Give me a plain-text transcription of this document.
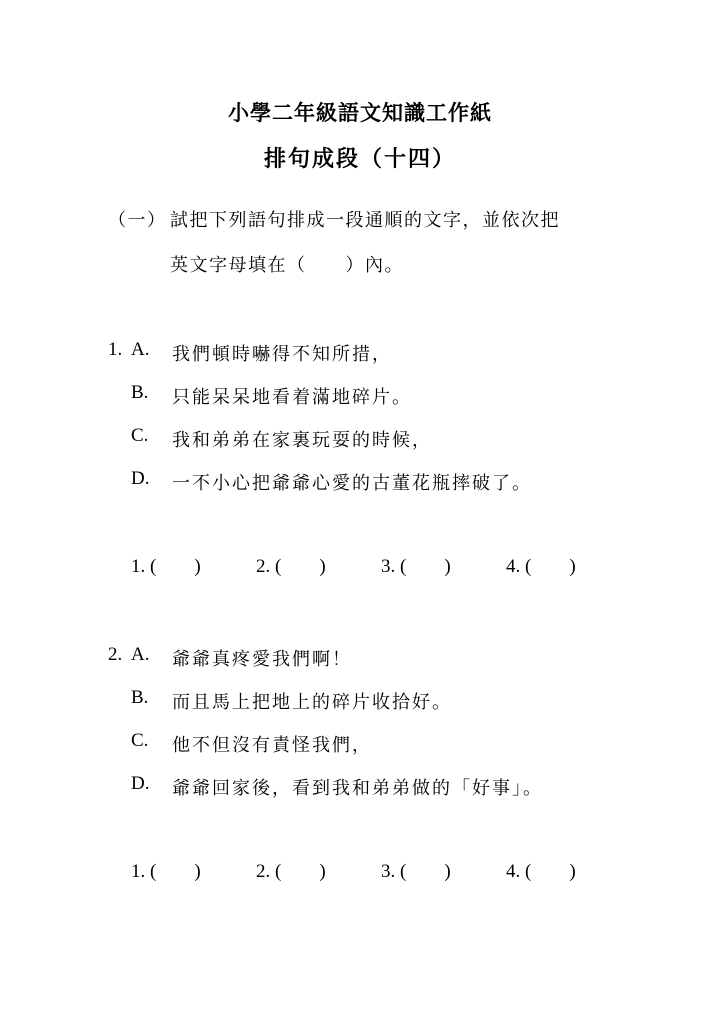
小學二年級語文知識工作紙
排句成段（十四）
（一） 試把下列語句排成一段通順的文字，並依次把
英文字母填在（　　）內。
1. A. 我們頓時嚇得不知所措，
B. 只能呆呆地看着滿地碎片。
C. 我和弟弟在家裏玩耍的時候，
D. 一不小心把爺爺心愛的古董花瓶摔破了。
1. (        )	2. (        )	3. (        )	4. (        )
2. A. 爺爺真疼愛我們啊！
B. 而且馬上把地上的碎片收拾好。
C. 他不但沒有責怪我們，
D. 爺爺回家後，看到我和弟弟做的「好事」。
1. (        )	2. (        )	3. (        )	4. (        )
